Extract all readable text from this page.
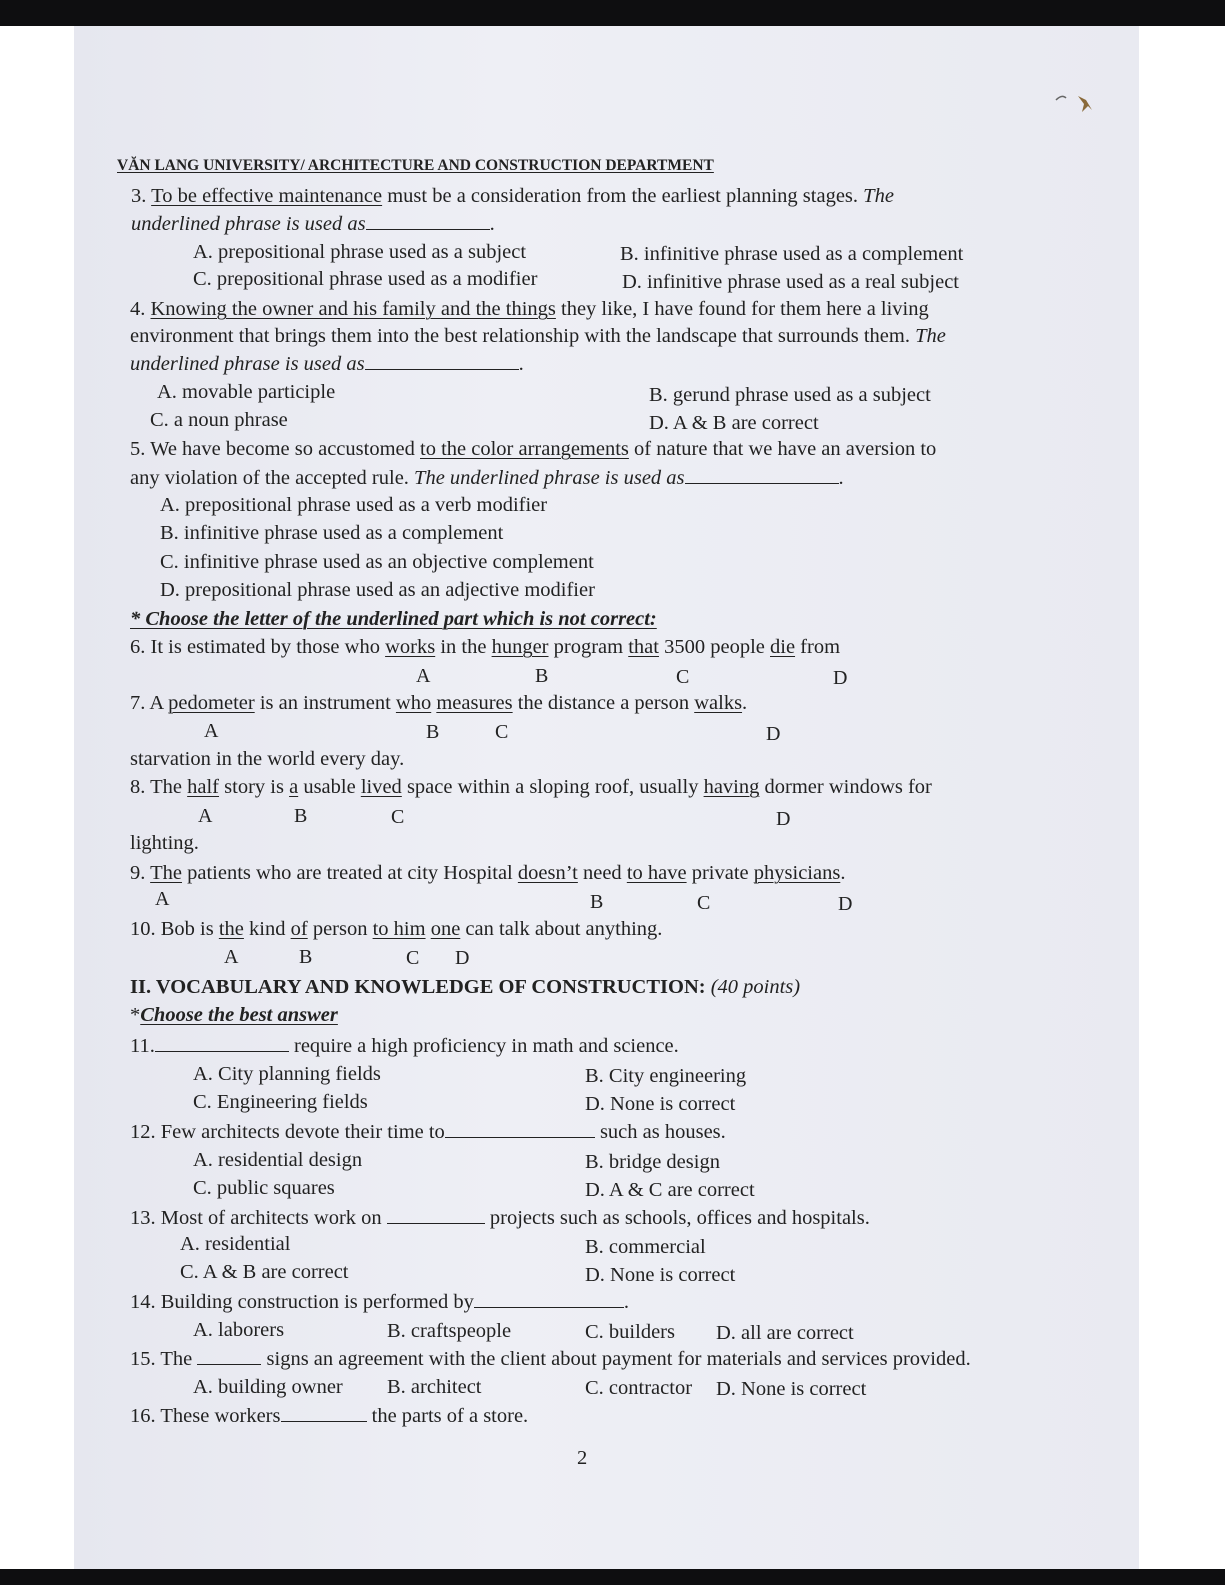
VĂN LANG UNIVERSITY/ ARCHITECTURE AND CONSTRUCTION DEPARTMENT
3. To be effective maintenance must be a consideration from the earliest planning stages. The
underlined phrase is used as	.
A. prepositional phrase used as a subject	B. infinitive phrase used as a complement
C. prepositional phrase used as a modifier	D. infinitive phrase used as a real subject
4. Knowing the owner and his family and the things they like, I have found for them here a living
environment that brings them into the best relationship with the landscape that surrounds them. The
underlined phrase is used as	.
A. movable participle	B. gerund phrase used as a subject
C. a noun phrase	D. A & B are correct
5. We have become so accustomed to the color arrangements of nature that we have an aversion to
any violation of the accepted rule. The underlined phrase is used as	.
A. prepositional phrase used as a verb modifier
B. infinitive phrase used as a complement
C. infinitive phrase used as an objective complement
D. prepositional phrase used as an adjective modifier
* Choose the letter of the underlined part which is not correct:
6. It is estimated by those who works in the hunger program that 3500 people die from
A	B	C	D
7. A pedometer is an instrument who measures the distance a person walks.
A	B	C	D
starvation in the world every day.
8. The half story is a usable lived space within a sloping roof, usually having dormer windows for
A	B	C	D
lighting.
9. The patients who are treated at city Hospital doesn’t need to have private physicians.
A	B	C	D
10. Bob is the kind of person to him one can talk about anything.
A	B	C D
II. VOCABULARY AND KNOWLEDGE OF CONSTRUCTION: (40 points)
*Choose the best answer
11.	require a high proficiency in math and science.
A. City planning fields	B. City engineering
C. Engineering fields	D. None is correct
12. Few architects devote their time to	such as houses.
A. residential design	B. bridge design
C. public squares	D. A & C are correct
13. Most of architects work on	projects such as schools, offices and hospitals.
A. residential	B. commercial
C. A & B are correct	D. None is correct
14. Building construction is performed by	.
A. laborers	B. craftspeople	C. builders D. all are correct
15. The	signs an agreement with the client about payment for materials and services provided.
A. building owner B. architect	C. contractor D. None is correct
16. These workers	the parts of a store.
2
